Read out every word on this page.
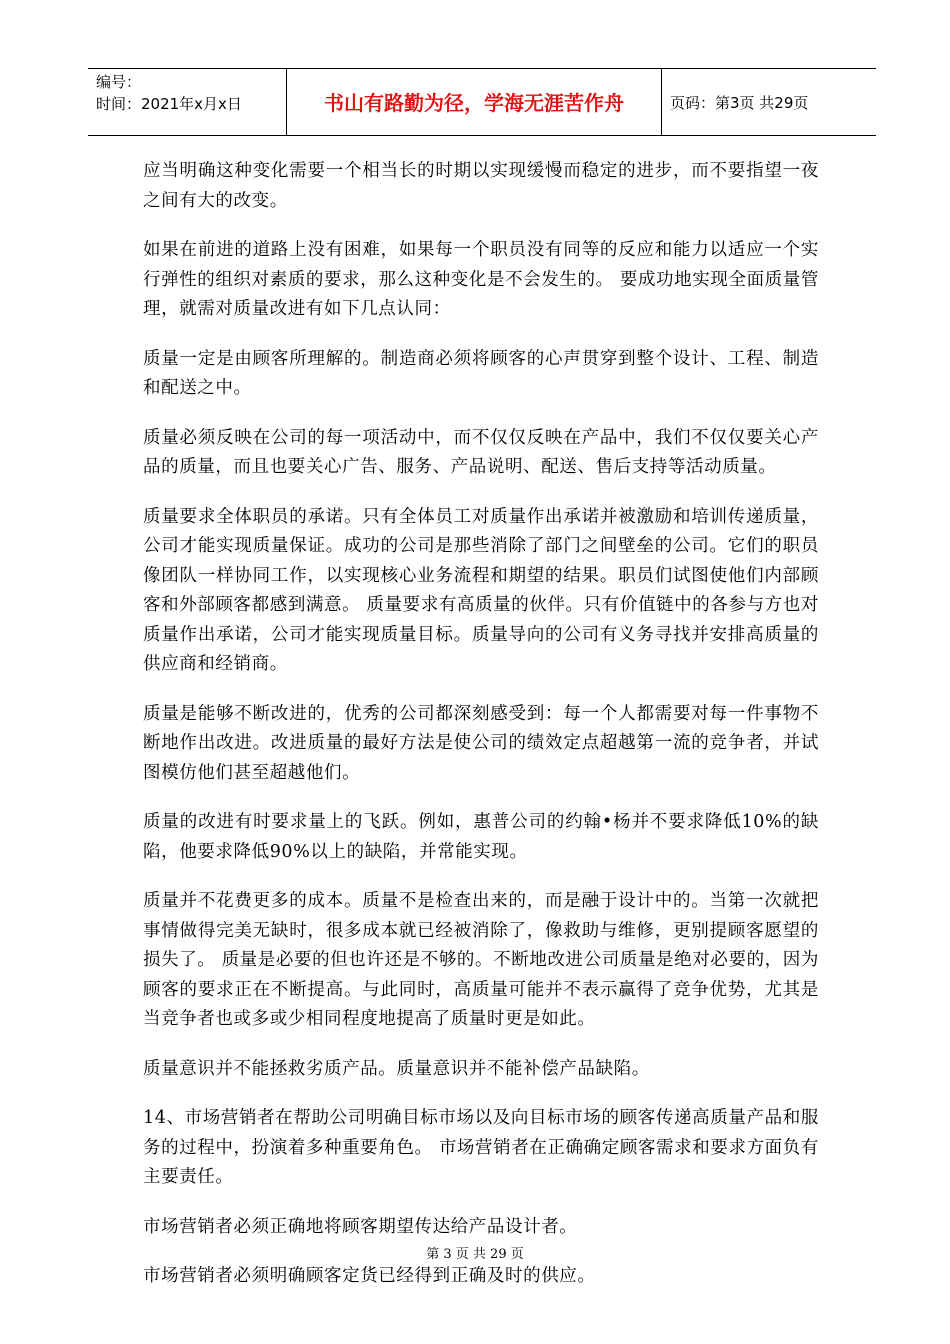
编号：
时间：2021年x月x日	书山有路勤为径，学海无涯苦作舟	页码：第3页 共29页

应当明确这种变化需要一个相当长的时期以实现缓慢而稳定的进步，而不要指望一夜之间有大的改变。

如果在前进的道路上没有困难，如果每一个职员没有同等的反应和能力以适应一个实行弹性的组织对素质的要求，那么这种变化是不会发生的。 要成功地实现全面质量管理，就需对质量改进有如下几点认同：

质量一定是由顾客所理解的。制造商必须将顾客的心声贯穿到整个设计、工程、制造和配送之中。

质量必须反映在公司的每一项活动中，而不仅仅反映在产品中，我们不仅仅要关心产品的质量，而且也要关心广告、服务、产品说明、配送、售后支持等活动质量。

质量要求全体职员的承诺。只有全体员工对质量作出承诺并被激励和培训传递质量，公司才能实现质量保证。成功的公司是那些消除了部门之间壁垒的公司。它们的职员像团队一样协同工作，以实现核心业务流程和期望的结果。职员们试图使他们内部顾客和外部顾客都感到满意。 质量要求有高质量的伙伴。只有价值链中的各参与方也对质量作出承诺，公司才能实现质量目标。质量导向的公司有义务寻找并安排高质量的供应商和经销商。

质量是能够不断改进的，优秀的公司都深刻感受到：每一个人都需要对每一件事物不断地作出改进。改进质量的最好方法是使公司的绩效定点超越第一流的竞争者，并试图模仿他们甚至超越他们。

质量的改进有时要求量上的飞跃。例如，惠普公司的约翰•杨并不要求降低10%的缺陷，他要求降低90%以上的缺陷，并常能实现。

质量并不花费更多的成本。质量不是检查出来的，而是融于设计中的。当第一次就把事情做得完美无缺时，很多成本就已经被消除了，像救助与维修，更别提顾客愿望的损失了。 质量是必要的但也许还是不够的。不断地改进公司质量是绝对必要的，因为顾客的要求正在不断提高。与此同时，高质量可能并不表示赢得了竞争优势，尤其是当竞争者也或多或少相同程度地提高了质量时更是如此。

质量意识并不能拯救劣质产品。质量意识并不能补偿产品缺陷。

14、市场营销者在帮助公司明确目标市场以及向目标市场的顾客传递高质量产品和服务的过程中，扮演着多种重要角色。 市场营销者在正确确定顾客需求和要求方面负有主要责任。

市场营销者必须正确地将顾客期望传达给产品设计者。

市场营销者必须明确顾客定货已经得到正确及时的供应。

第 3 页 共 29 页
